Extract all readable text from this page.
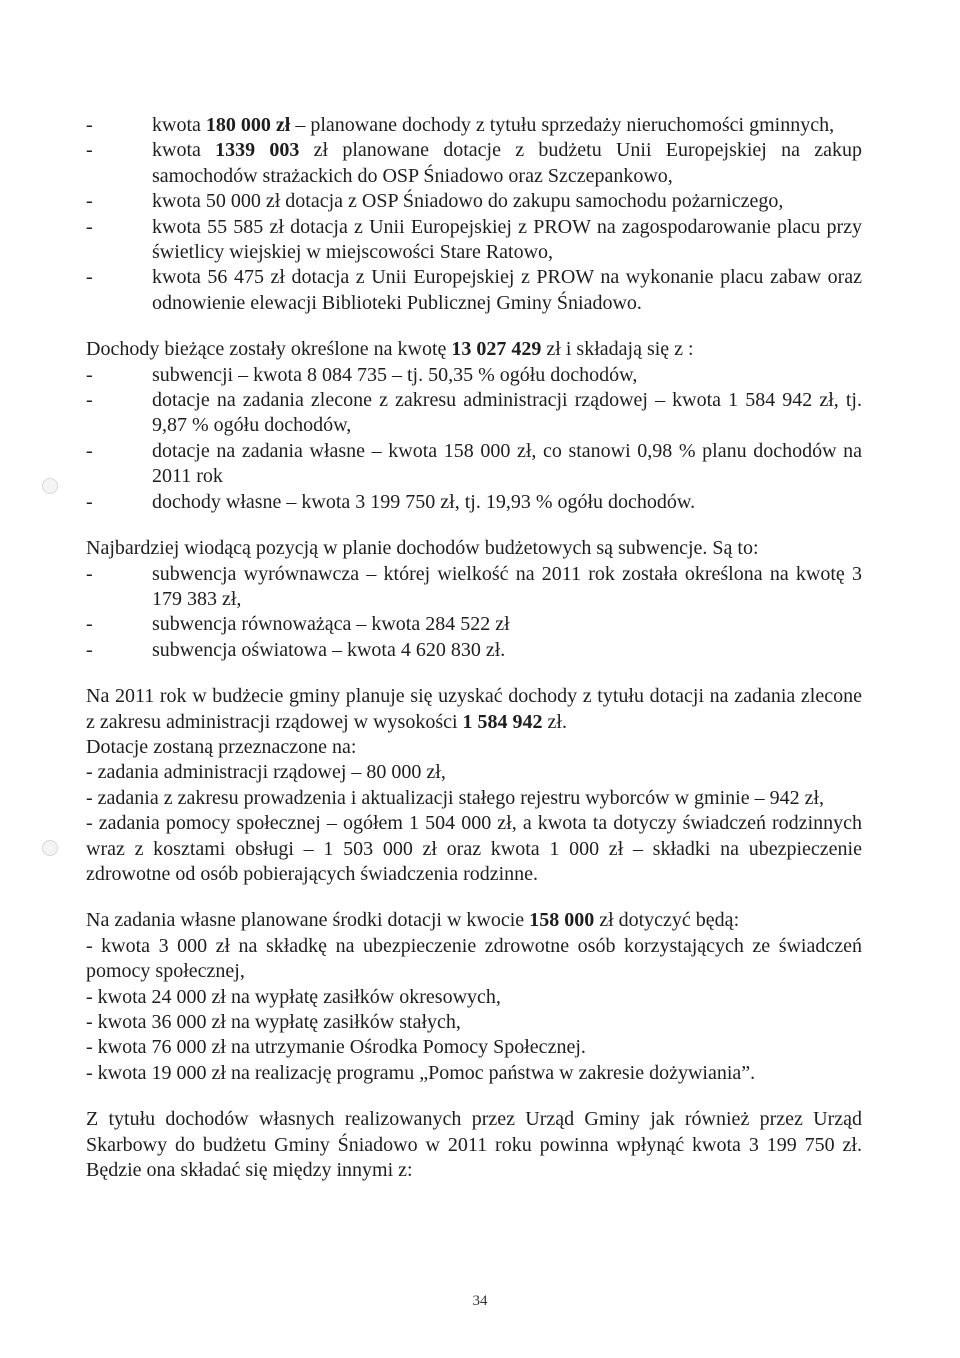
-	kwota 180 000 zł – planowane dochody z tytułu sprzedaży nieruchomości gminnych,

-	kwota 1339 003 zł planowane dotacje z budżetu Unii Europejskiej na zakup samochodów strażackich do OSP Śniadowo oraz Szczepankowo,

-	kwota 50 000 zł dotacja z OSP Śniadowo do zakupu samochodu pożarniczego,

-	kwota 55 585 zł dotacja z Unii Europejskiej z PROW na zagospodarowanie placu przy świetlicy wiejskiej w miejscowości Stare Ratowo,

-	kwota 56 475 zł dotacja z Unii Europejskiej z PROW na wykonanie placu zabaw oraz odnowienie elewacji Biblioteki Publicznej Gminy Śniadowo.

Dochody bieżące zostały określone na kwotę 13 027 429 zł i składają się z :

-	subwencji – kwota 8 084 735 – tj. 50,35 % ogółu dochodów,

-	dotacje na zadania zlecone z zakresu administracji rządowej – kwota 1 584 942 zł, tj. 9,87 % ogółu dochodów,

-	dotacje na zadania własne – kwota 158 000 zł, co stanowi 0,98 % planu dochodów na 2011 rok

-	dochody własne – kwota 3 199 750 zł, tj. 19,93 % ogółu dochodów.

Najbardziej wiodącą pozycją w planie dochodów budżetowych są subwencje. Są to:

-	subwencja wyrównawcza – której wielkość na 2011 rok została określona na kwotę 3 179 383 zł,

-	subwencja równoważąca – kwota 284 522 zł

-	subwencja oświatowa – kwota 4 620 830 zł.

Na 2011 rok w budżecie gminy planuje się uzyskać dochody z tytułu dotacji na zadania zlecone z zakresu administracji rządowej w wysokości 1 584 942 zł.

Dotacje zostaną przeznaczone na:

- zadania administracji rządowej – 80 000 zł,

- zadania z zakresu prowadzenia i aktualizacji stałego rejestru wyborców w gminie – 942 zł,

- zadania pomocy społecznej – ogółem 1 504 000 zł, a kwota ta dotyczy świadczeń rodzinnych wraz z kosztami obsługi – 1 503 000 zł oraz kwota 1 000 zł – składki na ubezpieczenie zdrowotne od osób pobierających świadczenia rodzinne.

Na zadania własne planowane środki dotacji w kwocie 158 000 zł dotyczyć będą:

- kwota 3 000 zł na składkę na ubezpieczenie zdrowotne osób korzystających ze świadczeń pomocy społecznej,

- kwota 24 000 zł na wypłatę zasiłków okresowych,

- kwota 36 000 zł na wypłatę zasiłków stałych,

- kwota 76 000 zł na utrzymanie Ośrodka Pomocy Społecznej.

- kwota 19 000 zł na realizację programu „Pomoc państwa w zakresie dożywiania”.

Z tytułu dochodów własnych realizowanych przez Urząd Gminy jak również przez Urząd Skarbowy do budżetu Gminy Śniadowo w 2011 roku powinna wpłynąć kwota 3 199 750 zł. Będzie ona składać się między innymi z:

34
